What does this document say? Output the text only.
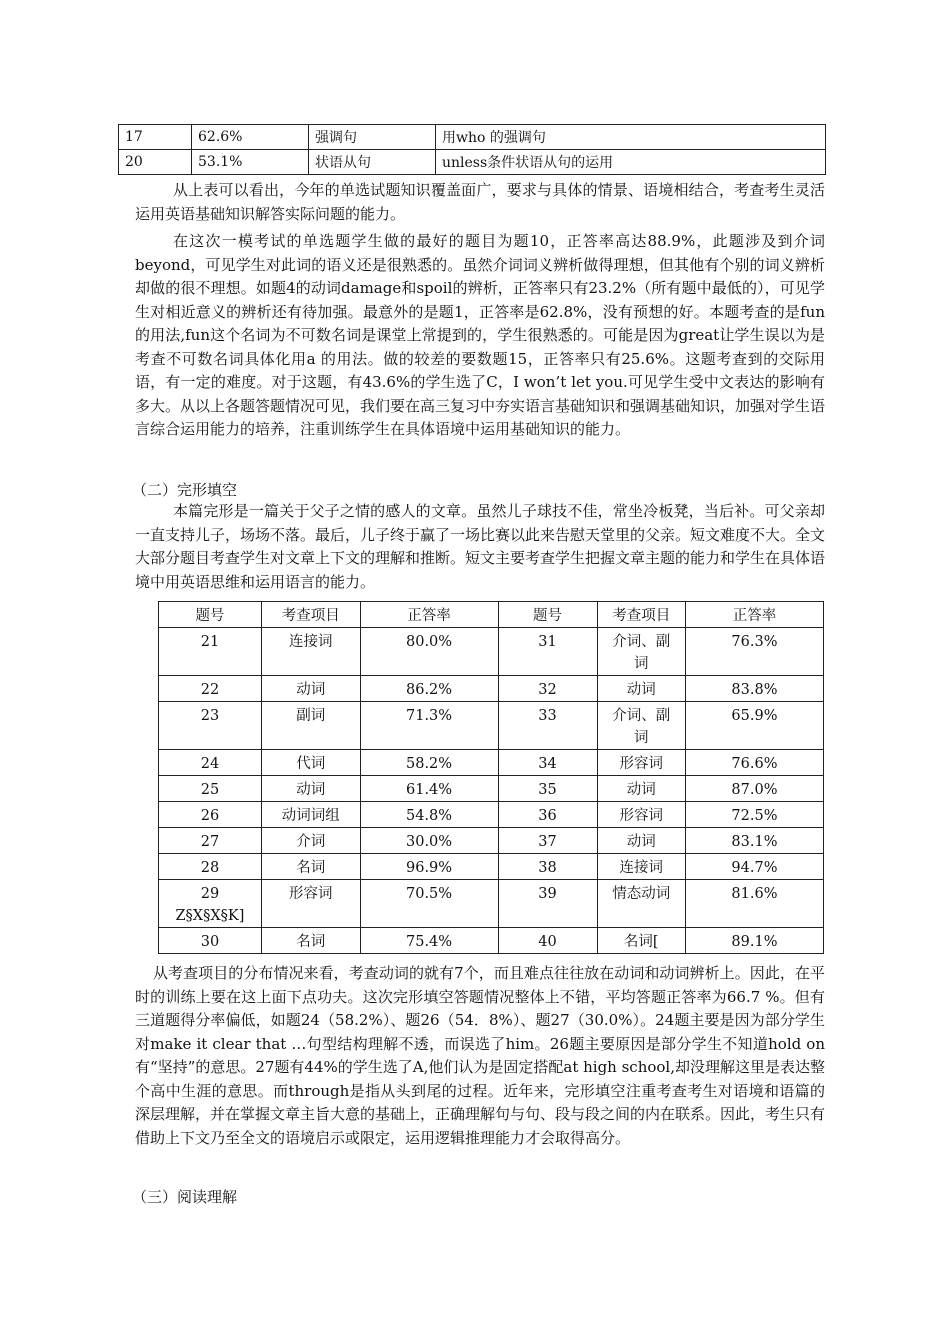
17	62.6%	强调句	用who 的强调句
20	53.1%	状语从句	unless条件状语从句的运用

从上表可以看出，今年的单选试题知识覆盖面广，要求与具体的情景、语境相结合，考查考生灵活运用英语基础知识解答实际问题的能力。

在这次一模考试的单选题学生做的最好的题目为题10，正答率高达88.9%，此题涉及到介词beyond，可见学生对此词的语义还是很熟悉的。虽然介词词义辨析做得理想，但其他有个别的词义辨析却做的很不理想。如题4的动词damage和spoil的辨析，正答率只有23.2%（所有题中最低的），可见学生对相近意义的辨析还有待加强。最意外的是题1，正答率是62.8%，没有预想的好。本题考查的是fun的用法,fun这个名词为不可数名词是课堂上常提到的，学生很熟悉的。可能是因为great让学生误以为是考查不可数名词具体化用a 的用法。做的较差的要数题15，正答率只有25.6%。这题考查到的交际用语，有一定的难度。对于这题，有43.6%的学生选了C，I won’t let you.可见学生受中文表达的影响有多大。从以上各题答题情况可见，我们要在高三复习中夯实语言基础知识和强调基础知识，加强对学生语言综合运用能力的培养，注重训练学生在具体语境中运用基础知识的能力。

（二）完形填空

本篇完形是一篇关于父子之情的感人的文章。虽然儿子球技不佳，常坐冷板凳，当后补。可父亲却一直支持儿子，场场不落。最后，儿子终于赢了一场比赛以此来告慰天堂里的父亲。短文难度不大。全文大部分题目考查学生对文章上下文的理解和推断。短文主要考查学生把握文章主题的能力和学生在具体语境中用英语思维和运用语言的能力。

题号	考查项目	正答率	题号	考查项目	正答率
21	连接词	80.0%	31	介词、副词	76.3%
22	动词	86.2%	32	动词	83.8%
23	副词	71.3%	33	介词、副词	65.9%
24	代词	58.2%	34	形容词	76.6%
25	动词	61.4%	35	动词	87.0%
26	动词词组	54.8%	36	形容词	72.5%
27	介词	30.0%	37	动词	83.1%
28	名词	96.9%	38	连接词	94.7%

29
Z§X§X§K]	形容词	70.5%	39	情态动词	81.6%
30	名词	75.4%	40	名词[	89.1%

从考查项目的分布情况来看，考查动词的就有7个，而且难点往往放在动词和动词辨析上。因此，在平时的训练上要在这上面下点功夫。这次完形填空答题情况整体上不错，平均答题正答率为66.7 %。但有三道题得分率偏低，如题24（58.2%）、题26（54．8%）、题27（30.0%）。24题主要是因为部分学生对make it clear that …句型结构理解不透，而误选了him。26题主要原因是部分学生不知道hold on有“坚持”的意思。27题有44%的学生选了A,他们认为是固定搭配at high school,却没理解这里是表达整个高中生涯的意思。而through是指从头到尾的过程。近年来，完形填空注重考查考生对语境和语篇的深层理解，并在掌握文章主旨大意的基础上，正确理解句与句、段与段之间的内在联系。因此，考生只有借助上下文乃至全文的语境启示或限定，运用逻辑推理能力才会取得高分。

（三）阅读理解
